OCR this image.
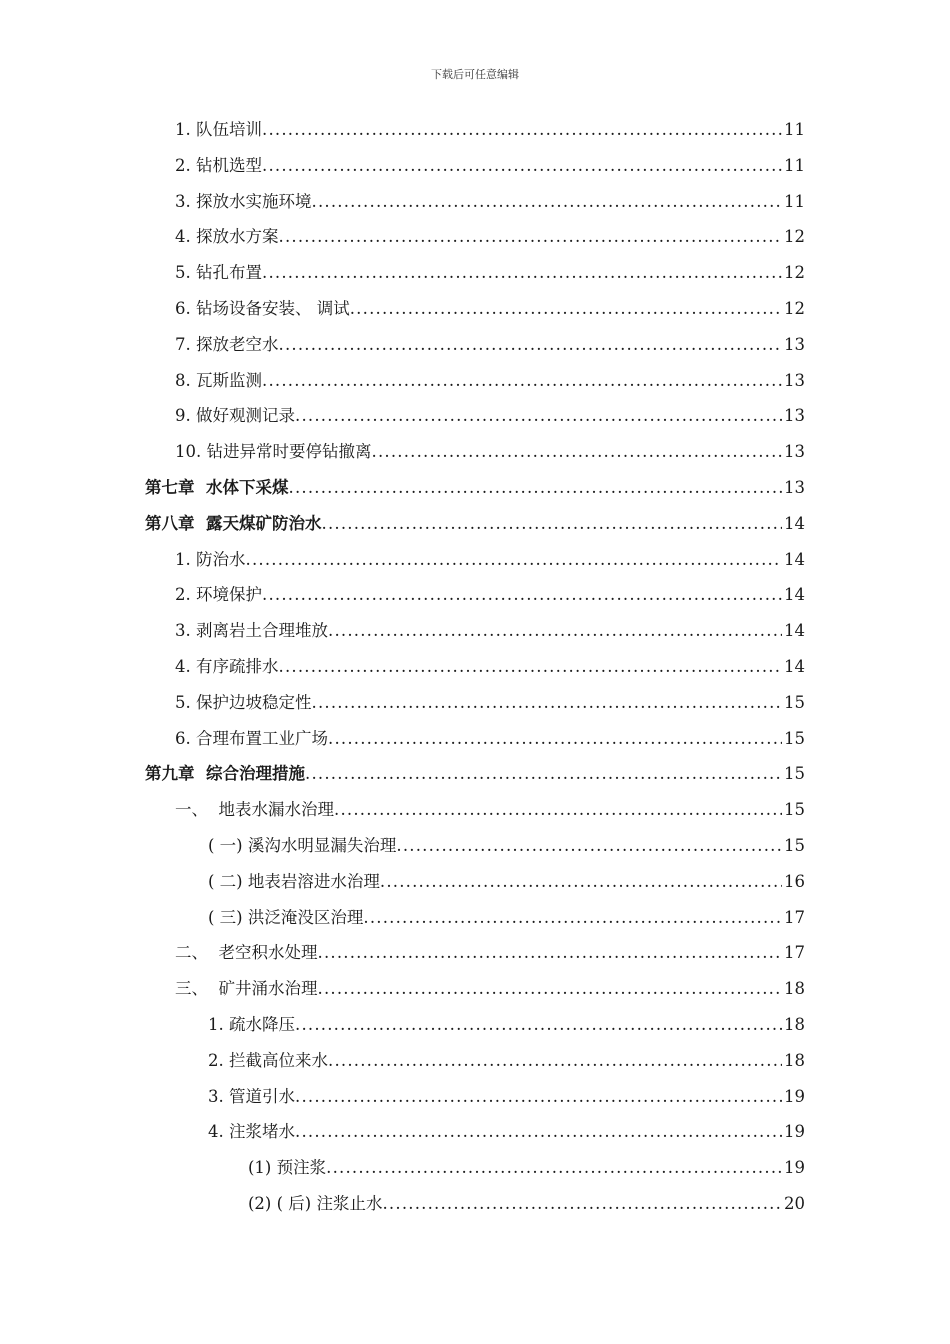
下载后可任意编辑
1. 队伍培训 .....	11
2. 钻机选型 .....	11
3. 探放水实施环境 .....	11
4. 探放水方案 .....	12
5. 钻孔布置 .....	12
6. 钻场设备安装、 调试 .....	12
7. 探放老空水 .....	13
8. 瓦斯监测 .....	13
9. 做好观测记录 .....	13
10. 钻进异常时要停钻撤离 .....	13
第七章  水体下采煤 .....	13
第八章  露天煤矿防治水 .....	14
1. 防治水 .....	14
2. 环境保护 .....	14
3. 剥离岩土合理堆放 .....	14
4. 有序疏排水 .....	14
5. 保护边坡稳定性 .....	15
6. 合理布置工业广场 .....	15
第九章  综合治理措施 .....	15
一、  地表水漏水治理 .....	15
( 一) 溪沟水明显漏失治理 .....	15
( 二) 地表岩溶进水治理 .....	16
( 三) 洪泛淹没区治理 .....	17
二、  老空积水处理 .....	17
三、  矿井涌水治理 .....	18
1. 疏水降压 .....	18
2. 拦截高位来水 .....	18
3. 管道引水 .....	19
4. 注浆堵水 .....	19
(1) 预注浆 .....	19
(2) ( 后) 注浆止水 .....	20
